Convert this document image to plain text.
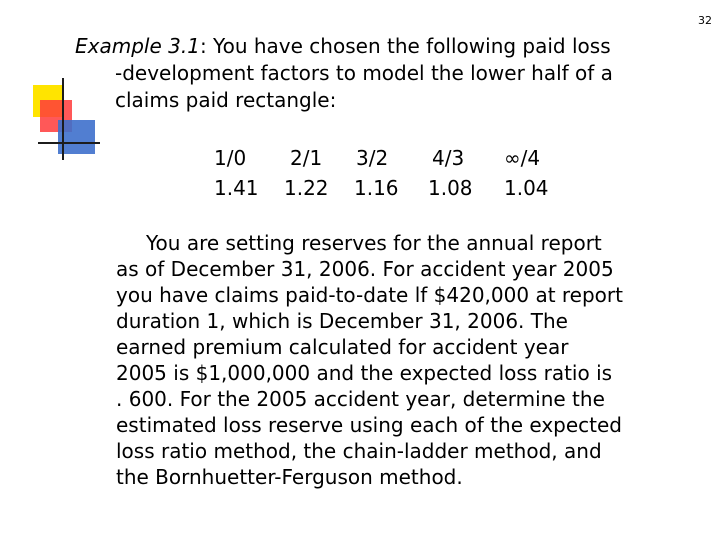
32
Example 3.1: You have chosen the following paid loss
-development factors to model the lower half of a
claims paid rectangle:
1/0 2/1 3/2 4/3 ∞/4
1.41 1.22 1.16 1.08 1.04
You are setting reserves for the annual report
as of December 31, 2006. For accident year 2005
you have claims paid-to-date lf $420,000 at report
duration 1, which is December 31, 2006. The
earned premium calculated for accident year
2005 is $1,000,000 and the expected loss ratio is
. 600. For the 2005 accident year, determine the
estimated loss reserve using each of the expected
loss ratio method, the chain-ladder method, and
the Bornhuetter-Ferguson method.
